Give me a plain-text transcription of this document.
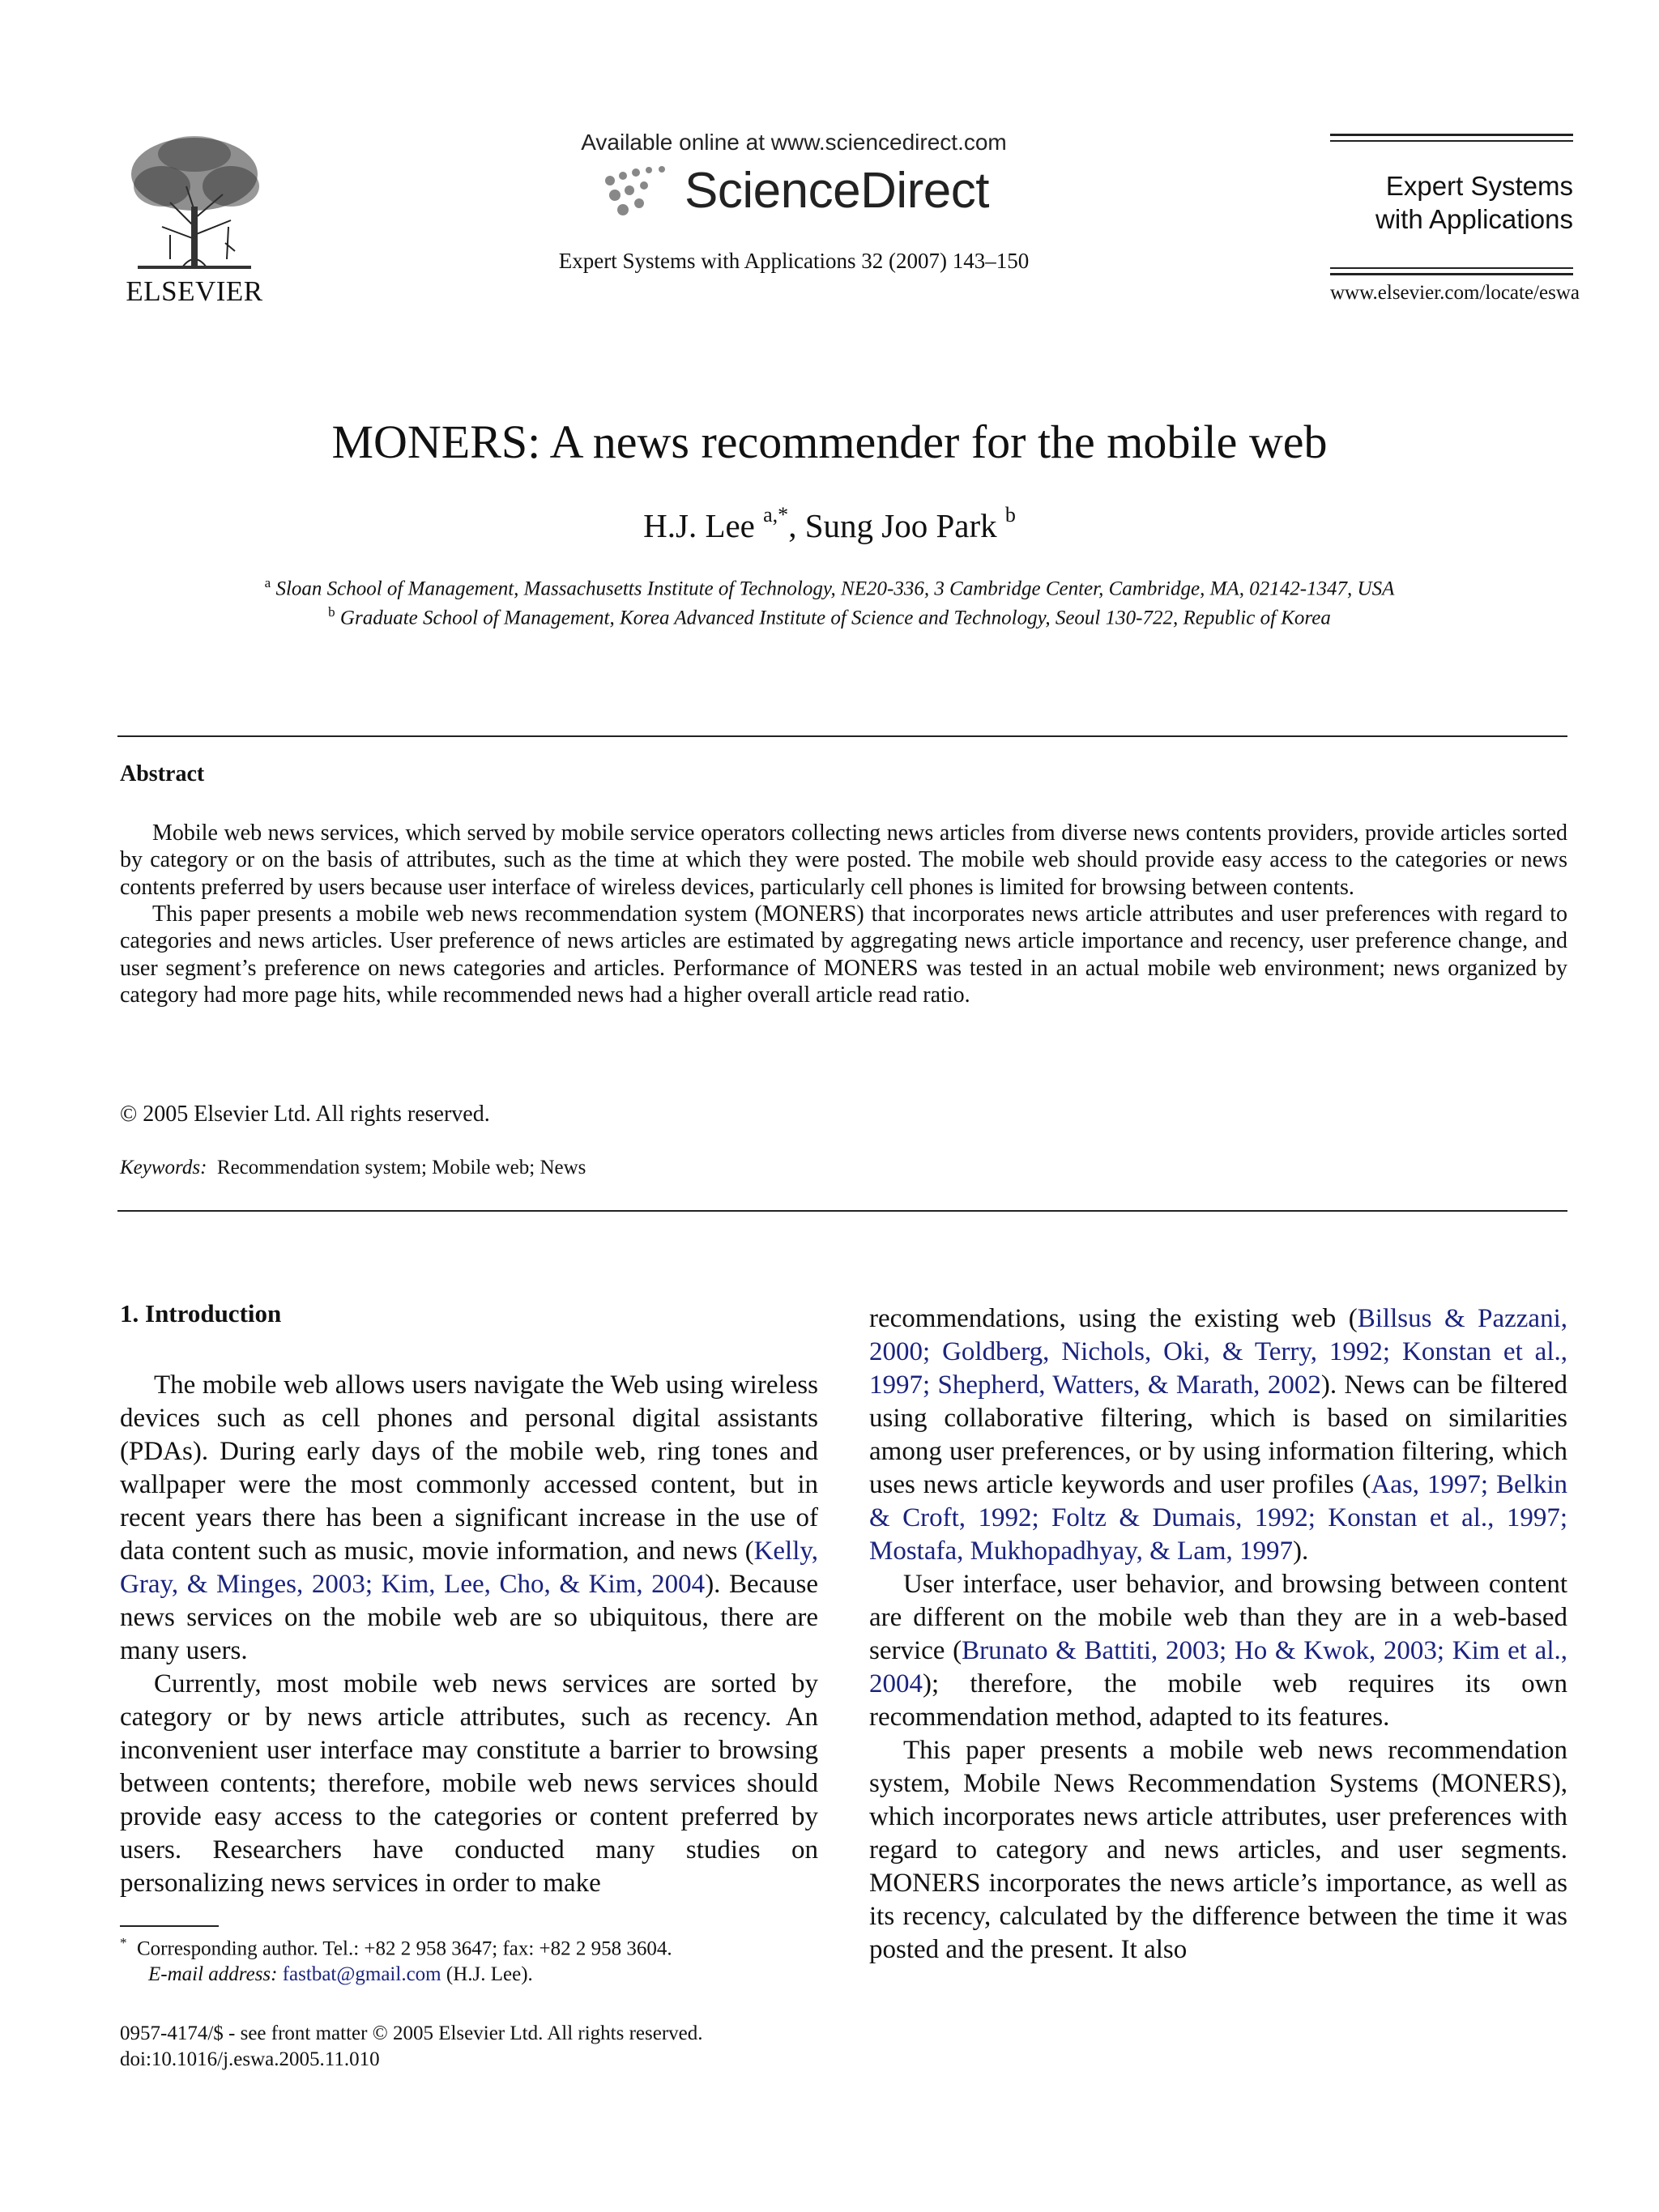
ELSEVIER
Available online at www.sciencedirect.com
ScienceDirect
Expert Systems with Applications 32 (2007) 143–150
Expert Systems
with Applications
www.elsevier.com/locate/eswa
MONERS: A news recommender for the mobile web
H.J. Lee $^{a,*}$, Sung Joo Park $^b$
$^a$ Sloan School of Management, Massachusetts Institute of Technology, NE20-336, 3 Cambridge Center, Cambridge, MA, 02142-1347, USA
$^b$ Graduate School of Management, Korea Advanced Institute of Science and Technology, Seoul 130-722, Republic of Korea
Abstract

Mobile web news services, which served by mobile service operators collecting news articles from diverse news contents providers, provide articles sorted by category or on the basis of attributes, such as the time at which they were posted. The mobile web should provide easy access to the categories or news contents preferred by users because user interface of wireless devices, particularly cell phones is limited for browsing between contents.

This paper presents a mobile web news recommendation system (MONERS) that incorporates news article attributes and user preferences with regard to categories and news articles. User preference of news articles are estimated by aggregating news article importance and recency, user preference change, and user segment’s preference on news categories and articles. Performance of MONERS was tested in an actual mobile web environment; news organized by category had more page hits, while recommended news had a higher overall article read ratio.

© 2005 Elsevier Ltd. All rights reserved.
Keywords: Recommendation system; Mobile web; News
1. Introduction

The mobile web allows users navigate the Web using wireless devices such as cell phones and personal digital assistants (PDAs). During early days of the mobile web, ring tones and wallpaper were the most commonly accessed content, but in recent years there has been a significant increase in the use of data content such as music, movie information, and news (Kelly, Gray, & Minges, 2003; Kim, Lee, Cho, & Kim, 2004). Because news services on the mobile web are so ubiquitous, there are many users.

Currently, most mobile web news services are sorted by category or by news article attributes, such as recency. An inconvenient user interface may constitute a barrier to browsing between contents; therefore, mobile web news services should provide easy access to the categories or content preferred by users. Researchers have conducted many studies on personalizing news services in order to make

recommendations, using the existing web (Billsus & Pazzani, 2000; Goldberg, Nichols, Oki, & Terry, 1992; Konstan et al., 1997; Shepherd, Watters, & Marath, 2002). News can be filtered using collaborative filtering, which is based on similarities among user preferences, or by using information filtering, which uses news article keywords and user profiles (Aas, 1997; Belkin & Croft, 1992; Foltz & Dumais, 1992; Konstan et al., 1997; Mostafa, Mukhopadhyay, & Lam, 1997).

User interface, user behavior, and browsing between content are different on the mobile web than they are in a web-based service (Brunato & Battiti, 2003; Ho & Kwok, 2003; Kim et al., 2004); therefore, the mobile web requires its own recommendation method, adapted to its features.

This paper presents a mobile web news recommendation system, Mobile News Recommendation Systems (MONERS), which incorporates news article attributes, user preferences with regard to category and news articles, and user segments. MONERS incorporates the news article’s importance, as well as its recency, calculated by the difference between the time it was posted and the present. It also

* Corresponding author. Tel.: +82 2 958 3647; fax: +82 2 958 3604.
E-mail address: fastbat@gmail.com (H.J. Lee).
0957-4174/$ - see front matter © 2005 Elsevier Ltd. All rights reserved.
doi:10.1016/j.eswa.2005.11.010
